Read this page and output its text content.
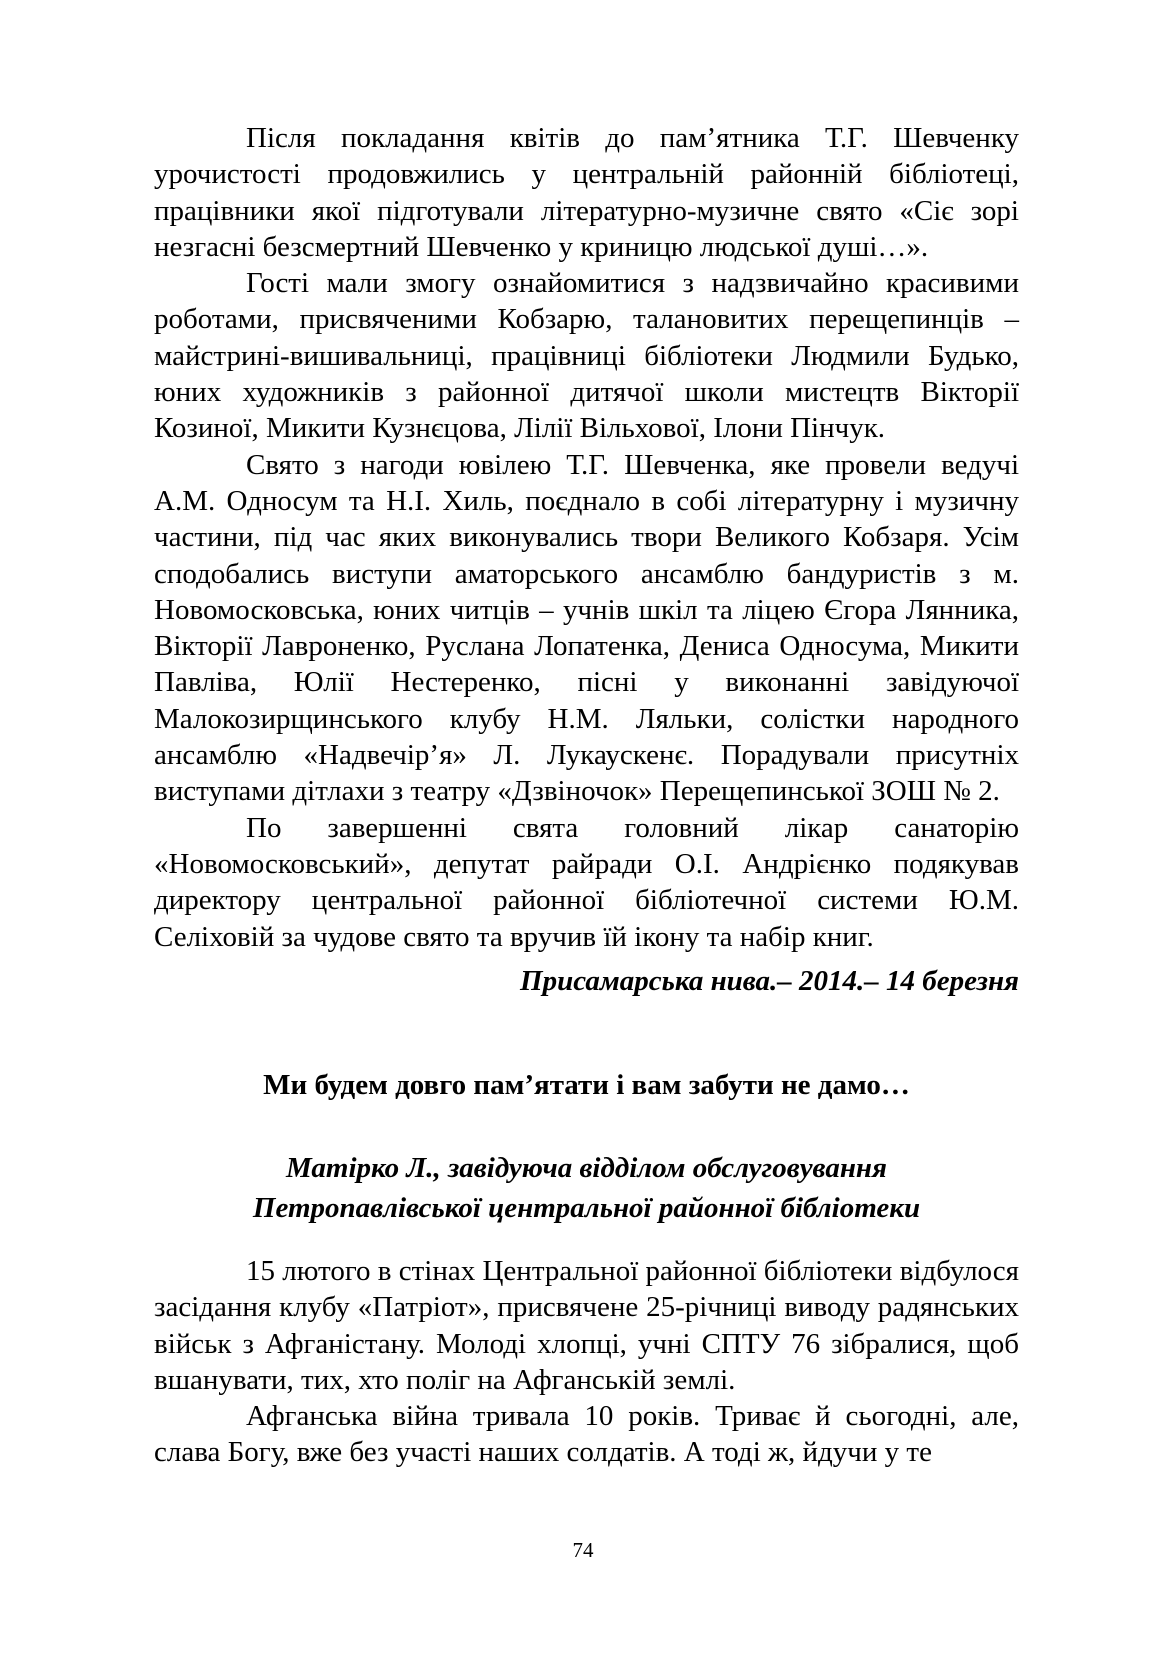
Після покладання квітів до пам’ятника Т.Г. Шевченку урочистості продовжились у центральній районній бібліотеці, працівники якої підготували літературно-музичне свято «Сіє зорі незгасні безсмертний Шевченко у криницю людської душі…».

Гості мали змогу ознайомитися з надзвичайно красивими роботами, присвяченими Кобзарю, талановитих перещепинців – майстрині-вишивальниці, працівниці бібліотеки Людмили Будько, юних художників з районної дитячої школи мистецтв Вікторії Козиної, Микити Кузнєцова, Лілії Вільхової, Ілони Пінчук.

Свято з нагоди ювілею Т.Г. Шевченка, яке провели ведучі А.М. Односум та Н.І. Хиль, поєднало в собі літературну і музичну частини, під час яких виконувались твори Великого Кобзаря. Усім сподобались виступи аматорського ансамблю бандуристів з м. Новомосковська, юних читців – учнів шкіл та ліцею Єгора Лянника, Вікторії Лавроненко, Руслана Лопатенка, Дениса Односума, Микити Павліва, Юлії Нестеренко, пісні у виконанні завідуючої Малокозирщинського клубу Н.М. Ляльки, солістки народного ансамблю «Надвечір’я» Л. Лукаускенє. Порадували присутніх виступами дітлахи з театру «Дзвіночок» Перещепинської ЗОШ № 2.

По завершенні свята головний лікар санаторію «Новомосковський», депутат райради О.І. Андрієнко подякував директору центральної районної бібліотечної системи Ю.М. Селіховій за чудове свято та вручив їй ікону та набір книг.

Присамарська нива.– 2014.– 14 березня
Ми будем довго пам’ятати і вам забути не дамо…
Матірко Л., завідуюча відділом обслуговування
Петропавлівської центральної районної бібліотеки

15 лютого в стінах Центральної районної бібліотеки відбулося засідання клубу «Патріот», присвячене 25-річниці виводу радянських військ з Афганістану. Молоді хлопці, учні СПТУ 76 зібралися, щоб вшанувати, тих, хто поліг на Афганській землі.

Афганська війна тривала 10 років. Триває й сьогодні, але, слава Богу, вже без участі наших солдатів. А тоді ж, йдучи у те

74
